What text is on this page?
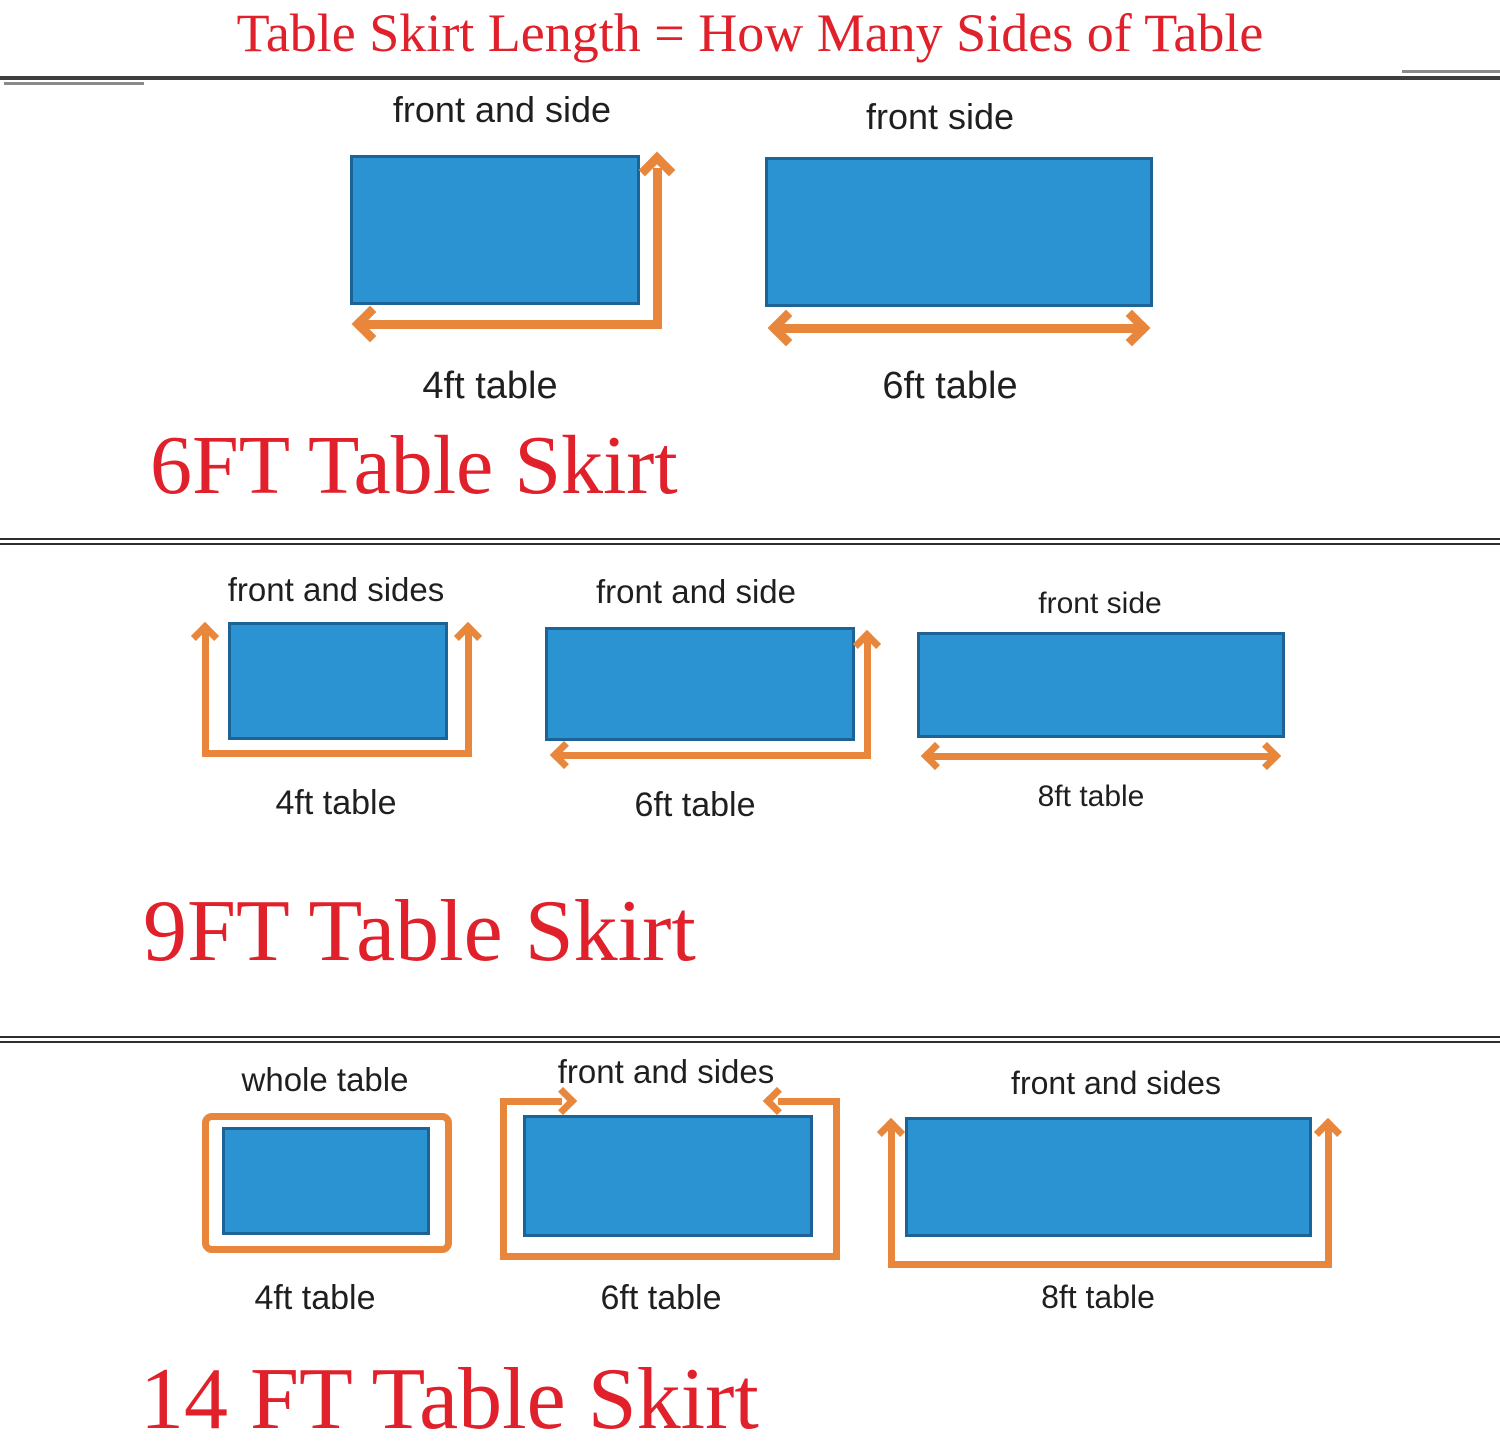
Table Skirt Length = How Many Sides of Table
front and side	front side
4ft table	6ft table
6FT Table Skirt
front and sides	front and side	front side
4ft table	6ft table	8ft table
9FT Table Skirt
whole table	front and sides	front and sides
4ft table	6ft table	8ft table
14 FT Table Skirt
